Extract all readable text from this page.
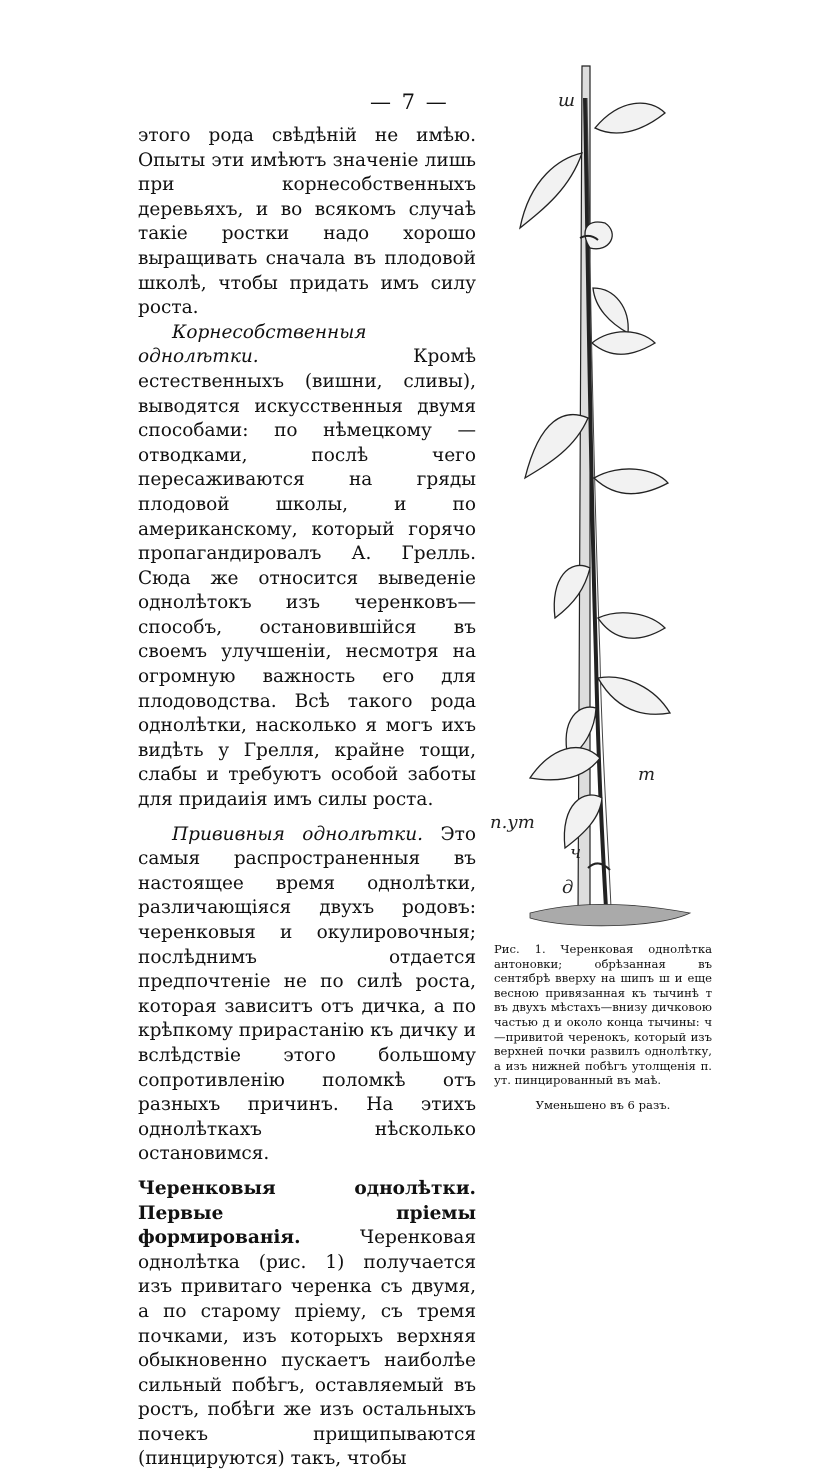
— 7 —

этого рода свѣдѣній не имѣю. Опыты эти имѣютъ значеніе лишь при корнесобственныхъ деревьяхъ, и во всякомъ случаѣ такіе ростки надо хорошо выращивать сначала въ плодовой школѣ, чтобы придать имъ силу роста.

Корнесобственныя однолѣтки.	Кромѣ естественныхъ (вишни, сливы), выводятся искусственныя двумя способами: по нѣмецкому — отводками, послѣ чего пересаживаются на гряды плодовой школы, и по американскому, который горячо пропагандировалъ А. Грелль. Сюда же относится выведеніе однолѣтокъ изъ черенковъ—способъ, остановившійся въ своемъ улучшеніи, несмотря на огромную важность его для плодоводства. Всѣ такого рода однолѣтки, насколько я могъ ихъ видѣть у Грелля, крайне тощи, слабы и требуютъ особой заботы для придаиія имъ силы роста.

Прививныя однолѣтки. Это самыя распространенныя въ настоящее время однолѣтки, различающіяся двухъ родовъ: черенковыя и окулировочныя; послѣднимъ отдается предпочтеніе не по силѣ роста, которая зависитъ отъ дичка, а по крѣпкому прирастанію къ дичку и вслѣдствіе этого большому сопротивленію поломкѣ отъ разныхъ причинъ. На этихъ однолѣткахъ нѣсколько остановимся.

Черенковыя однолѣтки. Первые пріемы формированія.	Черенковая однолѣтка (рис. 1) получается изъ привитаго черенка съ двумя, а по старому пріему, съ тремя почками, изъ которыхъ верхняя обыкновенно пускаетъ наиболѣе сильный побѣгъ, оставляемый въ ростъ, побѣги же изъ остальныхъ почекъ прищипываются (пинцируются) такъ, чтобы

ш
т
п.ут
ч
д
Рис. 1. Черенковая однолѣтка антоновки; обрѣзанная въ сентябрѣ вверху на шипъ ш и еще весною привязанная къ тычинѣ т въ двухъ мѣстахъ—внизу дичковою частью д и около конца тычины: ч—привитой черенокъ, который изъ верхней почки развилъ однолѣтку, а изъ нижней побѣгъ утолщенія п. ут. пинцированный въ маѣ.
Уменьшено въ 6 разъ.
